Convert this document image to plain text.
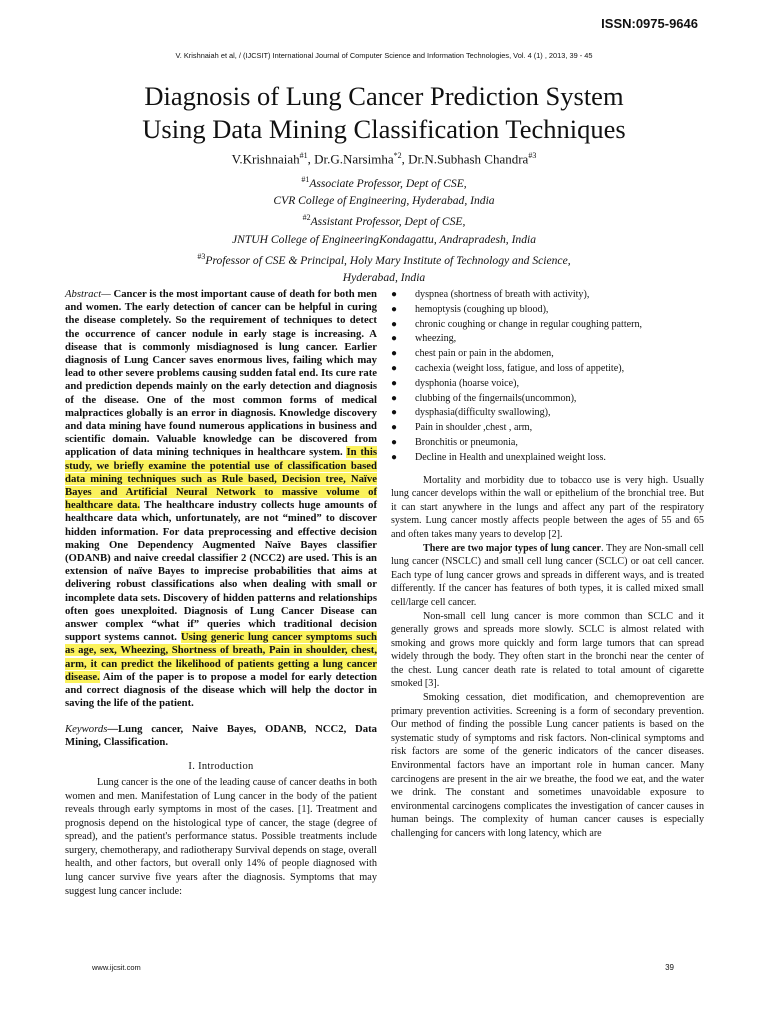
ISSN:0975-9646
V. Krishnaiah et al, / (IJCSIT) International Journal of Computer Science and Information Technologies, Vol. 4 (1) , 2013, 39 - 45
Diagnosis of Lung Cancer Prediction System
Using Data Mining Classification Techniques
V.Krishnaiah$^{\#1}$, Dr.G.Narsimha$^{*2}$, Dr.N.Subhash Chandra$^{\#3}$

$^{\#1}$Associate Professor, Dept of CSE,

CVR College of Engineering, Hyderabad, India

$^{\#2}$Assistant Professor, Dept of CSE,

JNTUH College of EngineeringKondagattu, Andrapradesh, India

$^{\#3}$Professor of CSE & Principal, Holy Mary Institute of Technology and Science,

Hyderabad, India

Abstract— Cancer is the most important cause of death for both men and women. The early detection of cancer can be helpful in curing the disease completely. So the requirement of techniques to detect the occurrence of cancer nodule in early stage is increasing. A disease that is commonly misdiagnosed is lung cancer. Earlier diagnosis of Lung Cancer saves enormous lives, failing which may lead to other severe problems causing sudden fatal end. Its cure rate and prediction depends mainly on the early detection and diagnosis of the disease. One of the most common forms of medical malpractices globally is an error in diagnosis. Knowledge discovery and data mining have found numerous applications in business and scientific domain. Valuable knowledge can be discovered from application of data mining techniques in healthcare system. In this study, we briefly examine the potential use of classification based data mining techniques such as Rule based, Decision tree, Naïve Bayes and Artificial Neural Network to massive volume of healthcare data. The healthcare industry collects huge amounts of healthcare data which, unfortunately, are not “mined” to discover hidden information. For data preprocessing and effective decision making One Dependency Augmented Naïve Bayes classifier (ODANB) and naive creedal classifier 2 (NCC2) are used. This is an extension of naïve Bayes to imprecise probabilities that aims at delivering robust classifications also when dealing with small or incomplete data sets. Discovery of hidden patterns and relationships often goes unexploited. Diagnosis of Lung Cancer Disease can answer complex “what if” queries which traditional decision support systems cannot. Using generic lung cancer symptoms such as age, sex, Wheezing, Shortness of breath, Pain in shoulder, chest, arm, it can predict the likelihood of patients getting a lung cancer disease. Aim of the paper is to propose a model for early detection and correct diagnosis of the disease which will help the doctor in saving the life of the patient.

Keywords—Lung cancer, Naive Bayes, ODANB, NCC2, Data Mining, Classification.

I. Introduction

Lung cancer is the one of the leading cause of cancer deaths in both women and men. Manifestation of Lung cancer in the body of the patient reveals through early symptoms in most of the cases. [1]. Treatment and prognosis depend on the histological type of cancer, the stage (degree of spread), and the patient's performance status. Possible treatments include surgery, chemotherapy, and radiotherapy Survival depends on stage, overall health, and other factors, but overall only 14% of people diagnosed with lung cancer survive five years after the diagnosis. Symptoms that may suggest lung cancer include:

● dyspnea (shortness of breath with activity),
● hemoptysis (coughing up blood),
● chronic coughing or change in regular coughing pattern,
● wheezing,
● chest pain or pain in the abdomen,
● cachexia (weight loss, fatigue, and loss of appetite),
● dysphonia (hoarse voice),
● clubbing of the fingernails(uncommon),
● dysphasia(difficulty swallowing),
● Pain in shoulder ,chest , arm,
● Bronchitis or pneumonia,
● Decline in Health and unexplained weight loss.

Mortality and morbidity due to tobacco use is very high. Usually lung cancer develops within the wall or epithelium of the bronchial tree. But it can start anywhere in the lungs and affect any part of the respiratory system. Lung cancer mostly affects people between the ages of 55 and 65 and often takes many years to develop [2].

There are two major types of lung cancer. They are Non-small cell lung cancer (NSCLC) and small cell lung cancer (SCLC) or oat cell cancer. Each type of lung cancer grows and spreads in different ways, and is treated differently. If the cancer has features of both types, it is called mixed small cell/large cell cancer.

Non-small cell lung cancer is more common than SCLC and it generally grows and spreads more slowly. SCLC is almost related with smoking and grows more quickly and form large tumors that can spread widely through the body. They often start in the bronchi near the center of the chest. Lung cancer death rate is related to total amount of cigarette smoked [3].

Smoking cessation, diet modification, and chemoprevention are primary prevention activities. Screening is a form of secondary prevention. Our method of finding the possible Lung cancer patients is based on the systematic study of symptoms and risk factors. Non-clinical symptoms and risk factors are some of the generic indicators of the cancer diseases. Environmental factors have an important role in human cancer. Many carcinogens are present in the air we breathe, the food we eat, and the water we drink. The constant and sometimes unavoidable exposure to environmental carcinogens complicates the investigation of cancer causes in human beings. The complexity of human cancer causes is especially challenging for cancers with long latency, which are

www.ijcsit.com	39
